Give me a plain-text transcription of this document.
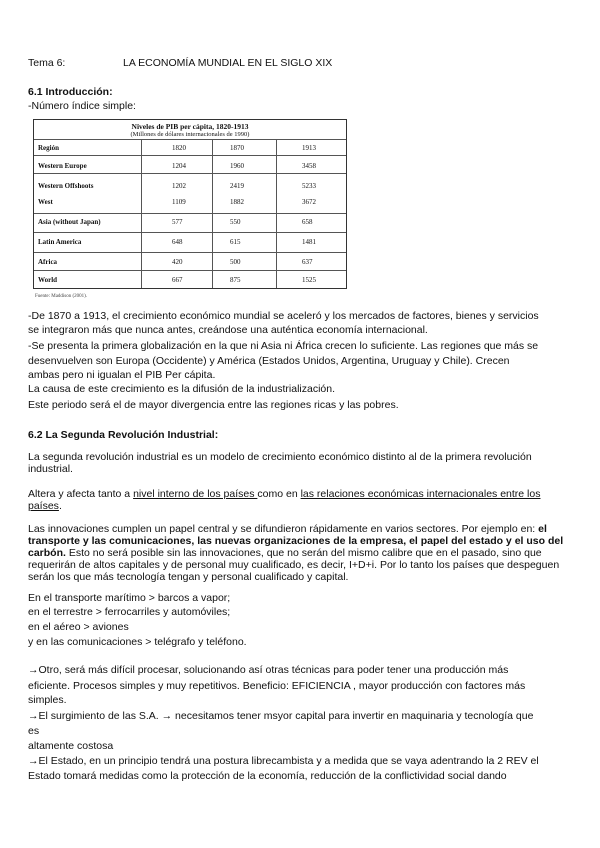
Tema 6:	LA ECONOMÍA MUNDIAL EN EL SIGLO XIX
6.1 Introducción:
-Número índice simple:
Niveles de PIB per cápita, 1820-1913
(Millones de dólares internacionales de 1990)
Región	1820	1870	1913
Western Europe	1204	1960	3458
Western Offshoots	1202	2419	5233
West	1109	1882	3672
Asia (without Japan)	577	550	658
Latin America	648	615	1481
Africa	420	500	637
World	667	875	1525
Fuente: Maddison (2001).
-De 1870 a 1913, el crecimiento económico mundial se aceleró y los mercados de factores, bienes y servicios
se integraron más que nunca antes, creándose una auténtica economía internacional.
-Se presenta la primera globalización en la que ni Asia ni África crecen lo suficiente. Las regiones que más se
desenvuelven son Europa (Occidente) y América (Estados Unidos, Argentina, Uruguay y Chile). Crecen
ambas pero ni igualan el PIB Per cápita.
La causa de este crecimiento es la difusión de la industrialización.
Este periodo será el de mayor divergencia entre las regiones ricas y las pobres.
6.2 La Segunda Revolución Industrial:
La segunda revolución industrial es un modelo de crecimiento económico distinto al de la primera revolución industrial.
Altera y afecta tanto a nivel interno de los países como en las relaciones económicas internacionales entre los países.
Las innovaciones cumplen un papel central y se difundieron rápidamente en varios sectores. Por ejemplo en: el transporte y las comunicaciones, las nuevas organizaciones de la empresa, el papel del estado y el uso del carbón. Esto no será posible sin las innovaciones, que no serán del mismo calibre que en el pasado, sino que requerirán de altos capitales y de personal muy cualificado, es decir, I+D+i. Por lo tanto los países que despeguen serán los que más tecnología tengan y personal cualificado y capital.
En el transporte marítimo > barcos a vapor;
en el terrestre > ferrocarriles y automóviles;
en el aéreo > aviones
y en las comunicaciones > telégrafo y teléfono.
→Otro, será más difícil procesar, solucionando así otras técnicas para poder tener una producción más
eficiente. Procesos simples y muy repetitivos. Beneficio: EFICIENCIA , mayor producción con factores más
simples.
→El surgimiento de las S.A. → necesitamos tener msyor capital para invertir en maquinaria y tecnología que
es
altamente costosa
→El Estado, en un principio tendrá una postura librecambista y a medida que se vaya adentrando la 2 REV el
Estado tomará medidas como la protección de la economía, reducción de la conflictividad social dando
